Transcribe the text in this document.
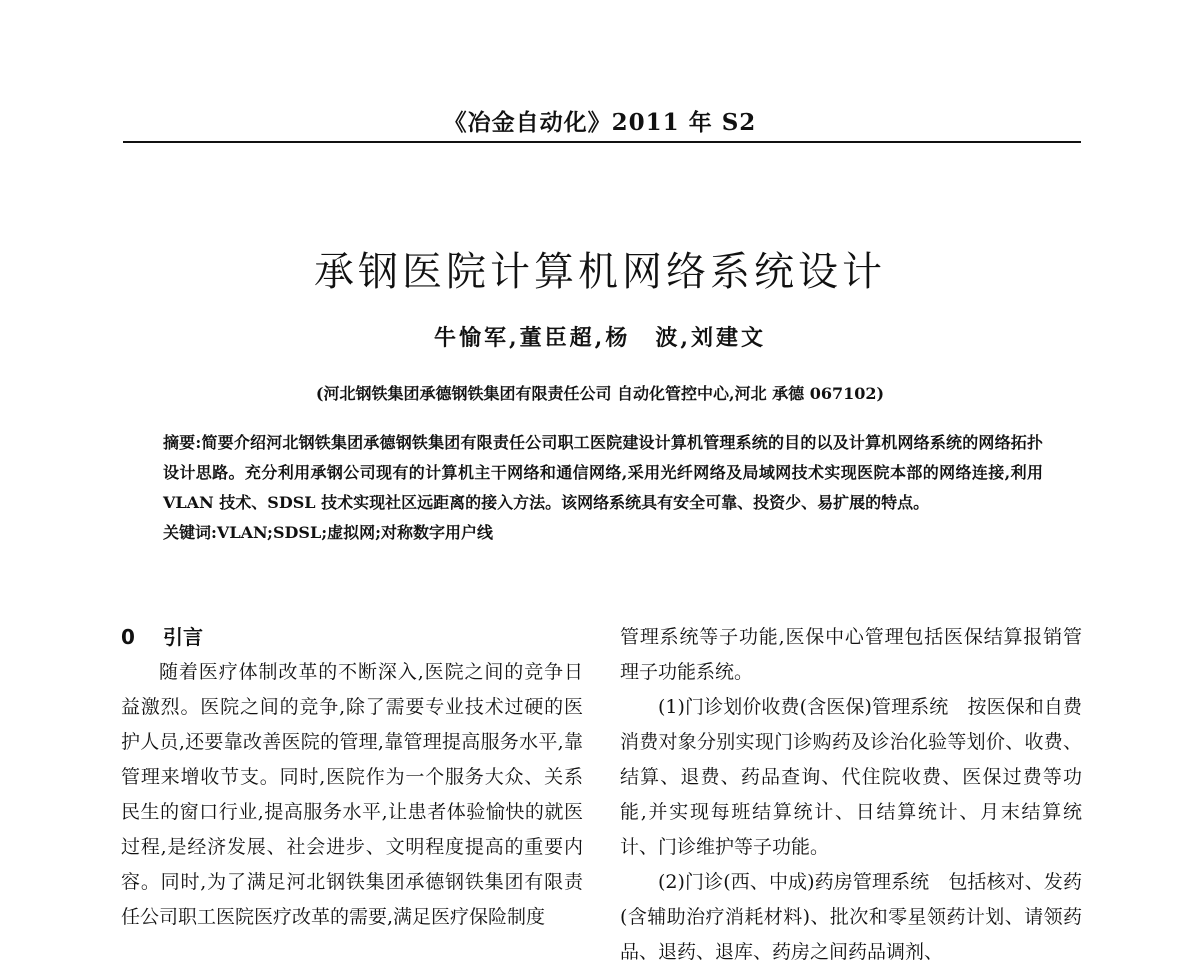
《冶金自动化》2011 年 S2
承钢医院计算机网络系统设计
牛愉军,董臣超,杨　波,刘建文
(河北钢铁集团承德钢铁集团有限责任公司 自动化管控中心,河北 承德 067102)

摘要:简要介绍河北钢铁集团承德钢铁集团有限责任公司职工医院建设计算机管理系统的目的以及计算机网络系统的网络拓扑设计思路。充分利用承钢公司现有的计算机主干网络和通信网络,采用光纤网络及局域网技术实现医院本部的网络连接,利用 VLAN 技术、SDSL 技术实现社区远距离的接入方法。该网络系统具有安全可靠、投资少、易扩展的特点。

关键词:VLAN;SDSL;虚拟网;对称数字用户线

0 引言

随着医疗体制改革的不断深入,医院之间的竞争日益激烈。医院之间的竞争,除了需要专业技术过硬的医护人员,还要靠改善医院的管理,靠管理提高服务水平,靠管理来增收节支。同时,医院作为一个服务大众、关系民生的窗口行业,提高服务水平,让患者体验愉快的就医过程,是经济发展、社会进步、文明程度提高的重要内容。同时,为了满足河北钢铁集团承德钢铁集团有限责任公司职工医院医疗改革的需要,满足医疗保险制度

管理系统等子功能,医保中心管理包括医保结算报销管理子功能系统。

(1)门诊划价收费(含医保)管理系统　按医保和自费消费对象分别实现门诊购药及诊治化验等划价、收费、结算、退费、药品查询、代住院收费、医保过费等功能,并实现每班结算统计、日结算统计、月末结算统计、门诊维护等子功能。

(2)门诊(西、中成)药房管理系统　包括核对、发药(含辅助治疗消耗材料)、批次和零星领药计划、请领药品、退药、退库、药房之间药品调剂、
